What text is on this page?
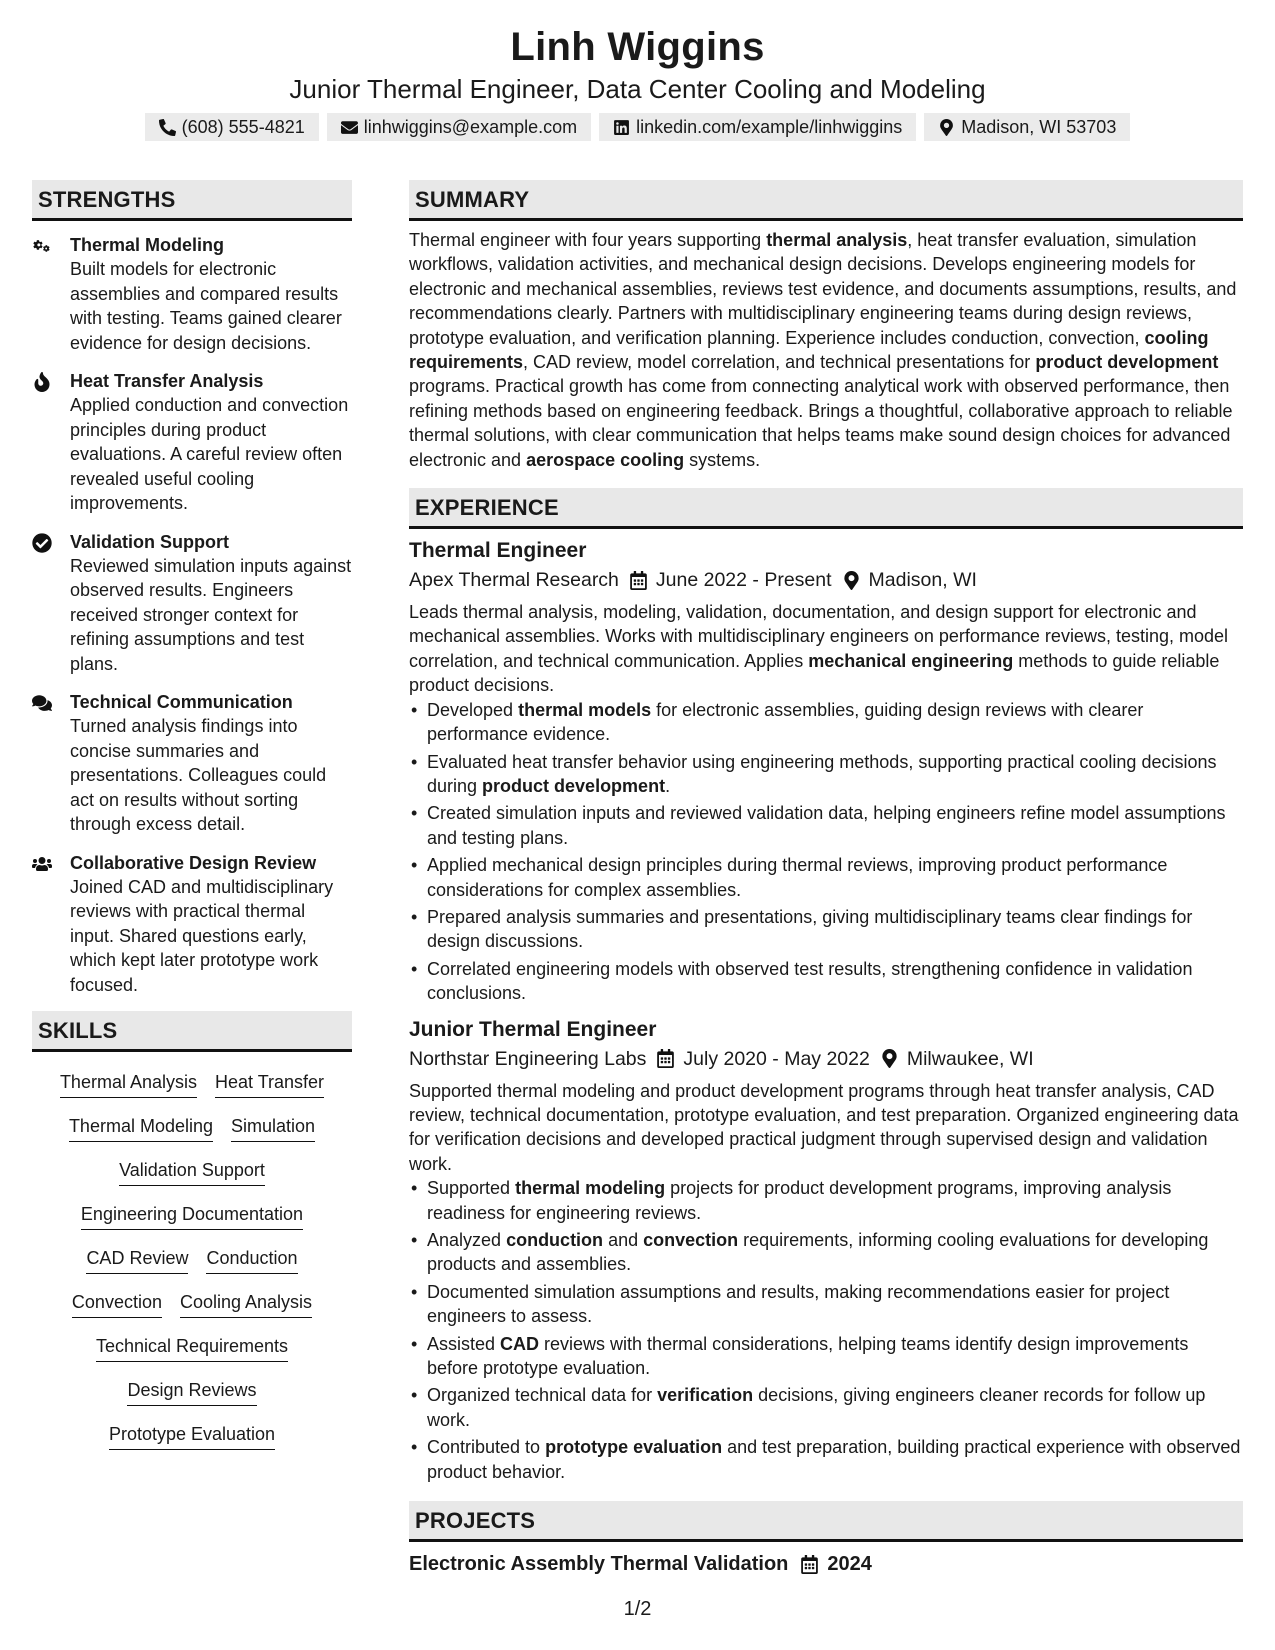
Linh Wiggins
Junior Thermal Engineer, Data Center Cooling and Modeling
(608) 555-4821	linhwiggins@example.com	linkedin.com/example/linhwiggins	Madison, WI 53703
STRENGTHS
Thermal Modeling

Built models for electronic assemblies and compared results with testing. Teams gained clearer evidence for design decisions.

Heat Transfer Analysis

Applied conduction and convection principles during product evaluations. A careful review often revealed useful cooling improvements.

Validation Support

Reviewed simulation inputs against observed results. Engineers received stronger context for refining assumptions and test plans.

Technical Communication

Turned analysis findings into concise summaries and presentations. Colleagues could act on results without sorting through excess detail.

Collaborative Design Review

Joined CAD and multidisciplinary reviews with practical thermal input. Shared questions early, which kept later prototype work focused.

SKILLS
Thermal Analysis Heat Transfer
Thermal Modeling Simulation
Validation Support
Engineering Documentation
CAD Review Conduction
Convection Cooling Analysis
Technical Requirements
Design Reviews
Prototype Evaluation
SUMMARY

Thermal engineer with four years supporting thermal analysis, heat transfer evaluation, simulation workflows, validation activities, and mechanical design decisions. Develops engineering models for electronic and mechanical assemblies, reviews test evidence, and documents assumptions, results, and recommendations clearly. Partners with multidisciplinary engineering teams during design reviews, prototype evaluation, and verification planning. Experience includes conduction, convection, cooling requirements, CAD review, model correlation, and technical presentations for product development programs. Practical growth has come from connecting analytical work with observed performance, then refining methods based on engineering feedback. Brings a thoughtful, collaborative approach to reliable thermal solutions, with clear communication that helps teams make sound design choices for advanced electronic and aerospace cooling systems.

EXPERIENCE
Thermal Engineer
Apex Thermal Research June 2022 - Present Madison, WI

Leads thermal analysis, modeling, validation, documentation, and design support for electronic and mechanical assemblies. Works with multidisciplinary engineers on performance reviews, testing, model correlation, and technical communication. Applies mechanical engineering methods to guide reliable product decisions.

• Developed thermal models for electronic assemblies, guiding design reviews with clearer performance evidence.
• Evaluated heat transfer behavior using engineering methods, supporting practical cooling decisions during product development.
• Created simulation inputs and reviewed validation data, helping engineers refine model assumptions and testing plans.
• Applied mechanical design principles during thermal reviews, improving product performance considerations for complex assemblies.
• Prepared analysis summaries and presentations, giving multidisciplinary teams clear findings for design discussions.
• Correlated engineering models with observed test results, strengthening confidence in validation conclusions.
Junior Thermal Engineer
Northstar Engineering Labs July 2020 - May 2022 Milwaukee, WI

Supported thermal modeling and product development programs through heat transfer analysis, CAD review, technical documentation, prototype evaluation, and test preparation. Organized engineering data for verification decisions and developed practical judgment through supervised design and validation work.

• Supported thermal modeling projects for product development programs, improving analysis readiness for engineering reviews.
• Analyzed conduction and convection requirements, informing cooling evaluations for developing products and assemblies.
• Documented simulation assumptions and results, making recommendations easier for project engineers to assess.
• Assisted CAD reviews with thermal considerations, helping teams identify design improvements before prototype evaluation.
• Organized technical data for verification decisions, giving engineers cleaner records for follow up work.
• Contributed to prototype evaluation and test preparation, building practical experience with observed product behavior.
PROJECTS
Electronic Assembly Thermal Validation 2024
1/2
